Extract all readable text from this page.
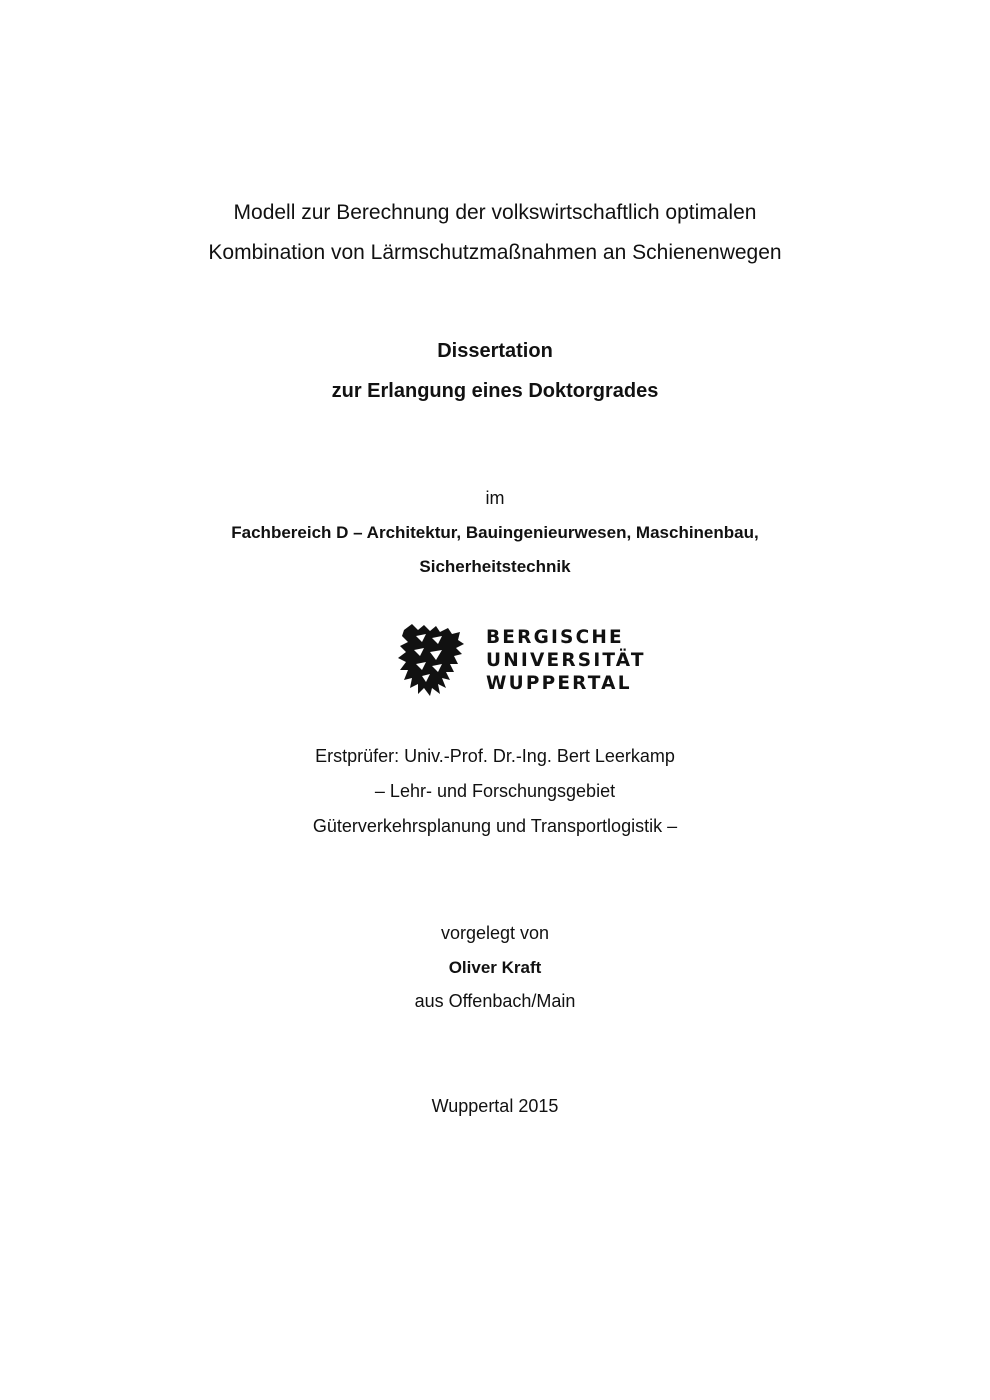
Modell zur Berechnung der volkswirtschaftlich optimalen
Kombination von Lärmschutzmaßnahmen an Schienenwegen
Dissertation
zur Erlangung eines Doktorgrades
im
Fachbereich D – Architektur, Bauingenieurwesen, Maschinenbau,
Sicherheitstechnik
BERGISCHE
UNIVERSITÄT
WUPPERTAL
Erstprüfer: Univ.-Prof. Dr.-Ing. Bert Leerkamp
– Lehr- und Forschungsgebiet
Güterverkehrsplanung und Transportlogistik –
vorgelegt von
Oliver Kraft
aus Offenbach/Main
Wuppertal 2015
